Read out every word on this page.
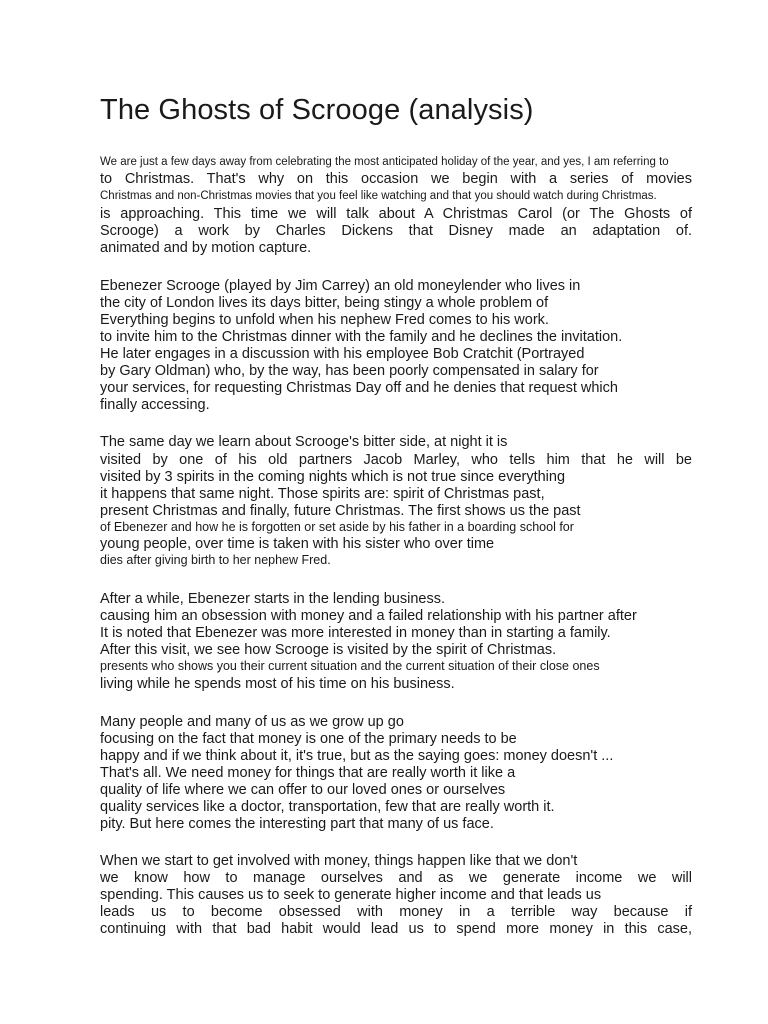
The Ghosts of Scrooge (analysis)
We are just a few days away from celebrating the most anticipated holiday of the year, and yes, I am referring to
to Christmas. That's why on this occasion we begin with a series of movies
Christmas and non-Christmas movies that you feel like watching and that you should watch during Christmas.
is approaching. This time we will talk about A Christmas Carol (or The Ghosts of
Scrooge) a work by Charles Dickens that Disney made an adaptation of.
animated and by motion capture.
Ebenezer Scrooge (played by Jim Carrey) an old moneylender who lives in
the city of London lives its days bitter, being stingy a whole problem of
Everything begins to unfold when his nephew Fred comes to his work.
to invite him to the Christmas dinner with the family and he declines the invitation.
He later engages in a discussion with his employee Bob Cratchit (Portrayed
by Gary Oldman) who, by the way, has been poorly compensated in salary for
your services, for requesting Christmas Day off and he denies that request which
finally accessing.
The same day we learn about Scrooge's bitter side, at night it is
visited by one of his old partners Jacob Marley, who tells him that he will be
visited by 3 spirits in the coming nights which is not true since everything
it happens that same night. Those spirits are: spirit of Christmas past,
present Christmas and finally, future Christmas. The first shows us the past
of Ebenezer and how he is forgotten or set aside by his father in a boarding school for
young people, over time is taken with his sister who over time
dies after giving birth to her nephew Fred.
After a while, Ebenezer starts in the lending business.
causing him an obsession with money and a failed relationship with his partner after
It is noted that Ebenezer was more interested in money than in starting a family.
After this visit, we see how Scrooge is visited by the spirit of Christmas.
presents who shows you their current situation and the current situation of their close ones
living while he spends most of his time on his business.
Many people and many of us as we grow up go
focusing on the fact that money is one of the primary needs to be
happy and if we think about it, it's true, but as the saying goes: money doesn't ...
That's all. We need money for things that are really worth it like a
quality of life where we can offer to our loved ones or ourselves
quality services like a doctor, transportation, few that are really worth it.
pity. But here comes the interesting part that many of us face.
When we start to get involved with money, things happen like that we don't
we know how to manage ourselves and as we generate income we will
spending. This causes us to seek to generate higher income and that leads us
leads us to become obsessed with money in a terrible way because if
continuing with that bad habit would lead us to spend more money in this case,
